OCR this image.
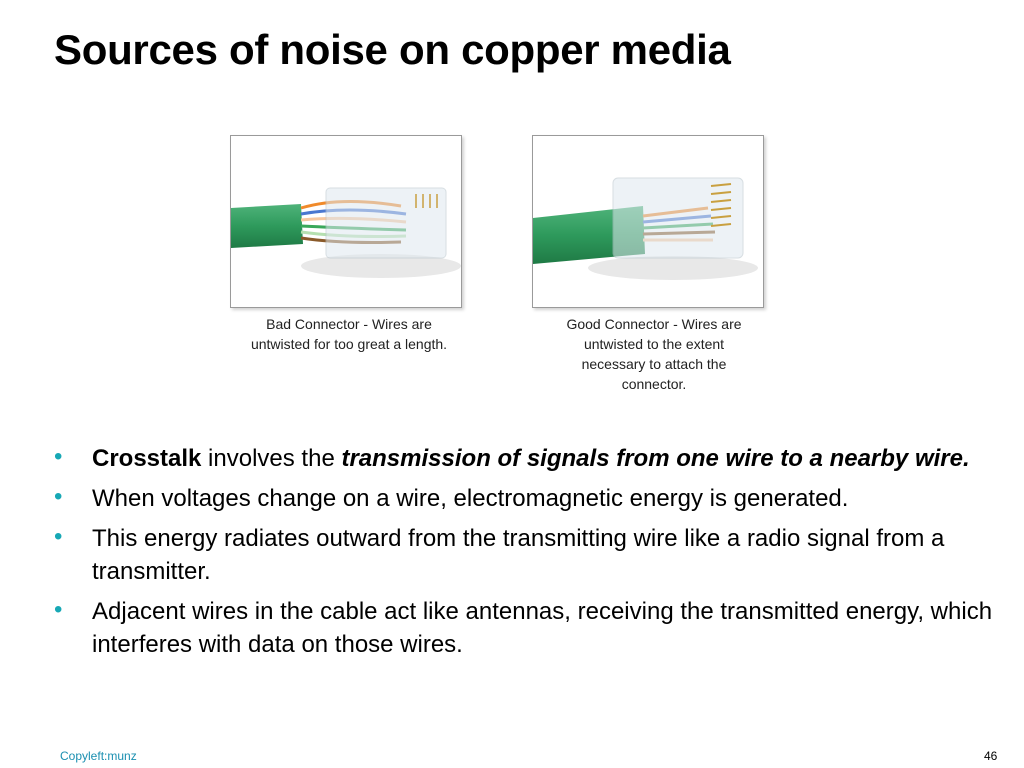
Sources of noise on copper media
Bad Connector - Wires are
untwisted for too great a length.
Good Connector - Wires are
untwisted to the extent
necessary to attach the
connector.
• Crosstalk involves the transmission of signals from one wire to a nearby wire.
• When voltages change on a wire, electromagnetic energy is generated.
• This energy radiates outward from the transmitting wire like a radio signal from a transmitter.
• Adjacent wires in the cable act like antennas, receiving the transmitted energy, which interferes with data on those wires.
Copyleft:munz	46
